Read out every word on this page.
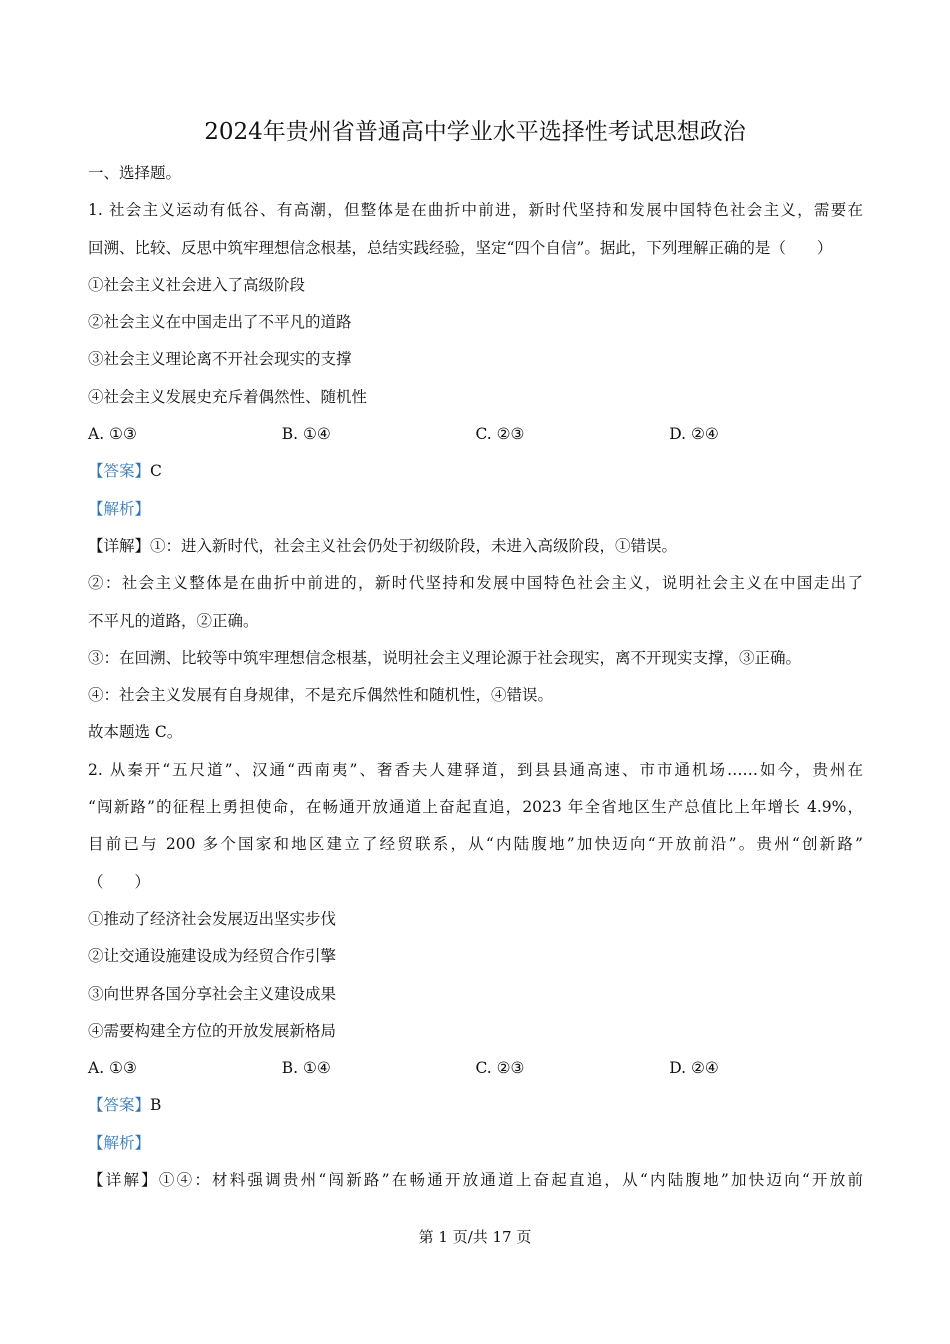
2024年贵州省普通高中学业水平选择性考试思想政治
一、选择题。
1. 社会主义运动有低谷、有高潮，但整体是在曲折中前进，新时代坚持和发展中国特色社会主义，需要在
回溯、比较、反思中筑牢理想信念根基，总结实践经验，坚定“四个自信”。据此，下列理解正确的是（　　）
①社会主义社会进入了高级阶段
②社会主义在中国走出了不平凡的道路
③社会主义理论离不开社会现实的支撑
④社会主义发展史充斥着偶然性、随机性
A. ①③	B. ①④	C. ②③	D. ②④
【答案】C
【解析】
【详解】①：进入新时代，社会主义社会仍处于初级阶段，未进入高级阶段，①错误。
②：社会主义整体是在曲折中前进的，新时代坚持和发展中国特色社会主义，说明社会主义在中国走出了
不平凡的道路，②正确。
③：在回溯、比较等中筑牢理想信念根基，说明社会主义理论源于社会现实，离不开现实支撑，③正确。
④：社会主义发展有自身规律，不是充斥偶然性和随机性，④错误。
故本题选 C。
2. 从秦开“五尺道”、汉通“西南夷”、奢香夫人建驿道，到县县通高速、市市通机场……如今，贵州在
“闯新路”的征程上勇担使命，在畅通开放通道上奋起直追，2023 年全省地区生产总值比上年增长 4.9%，
目前已与 200 多个国家和地区建立了经贸联系，从“内陆腹地”加快迈向“开放前沿”。贵州“创新路”
（　　）
①推动了经济社会发展迈出坚实步伐
②让交通设施建设成为经贸合作引擎
③向世界各国分享社会主义建设成果
④需要构建全方位的开放发展新格局
A. ①③	B. ①④	C. ②③	D. ②④
【答案】B
【解析】
【详解】①④：材料强调贵州“闯新路”在畅通开放通道上奋起直追，从“内陆腹地”加快迈向“开放前
第 1 页/共 17 页
